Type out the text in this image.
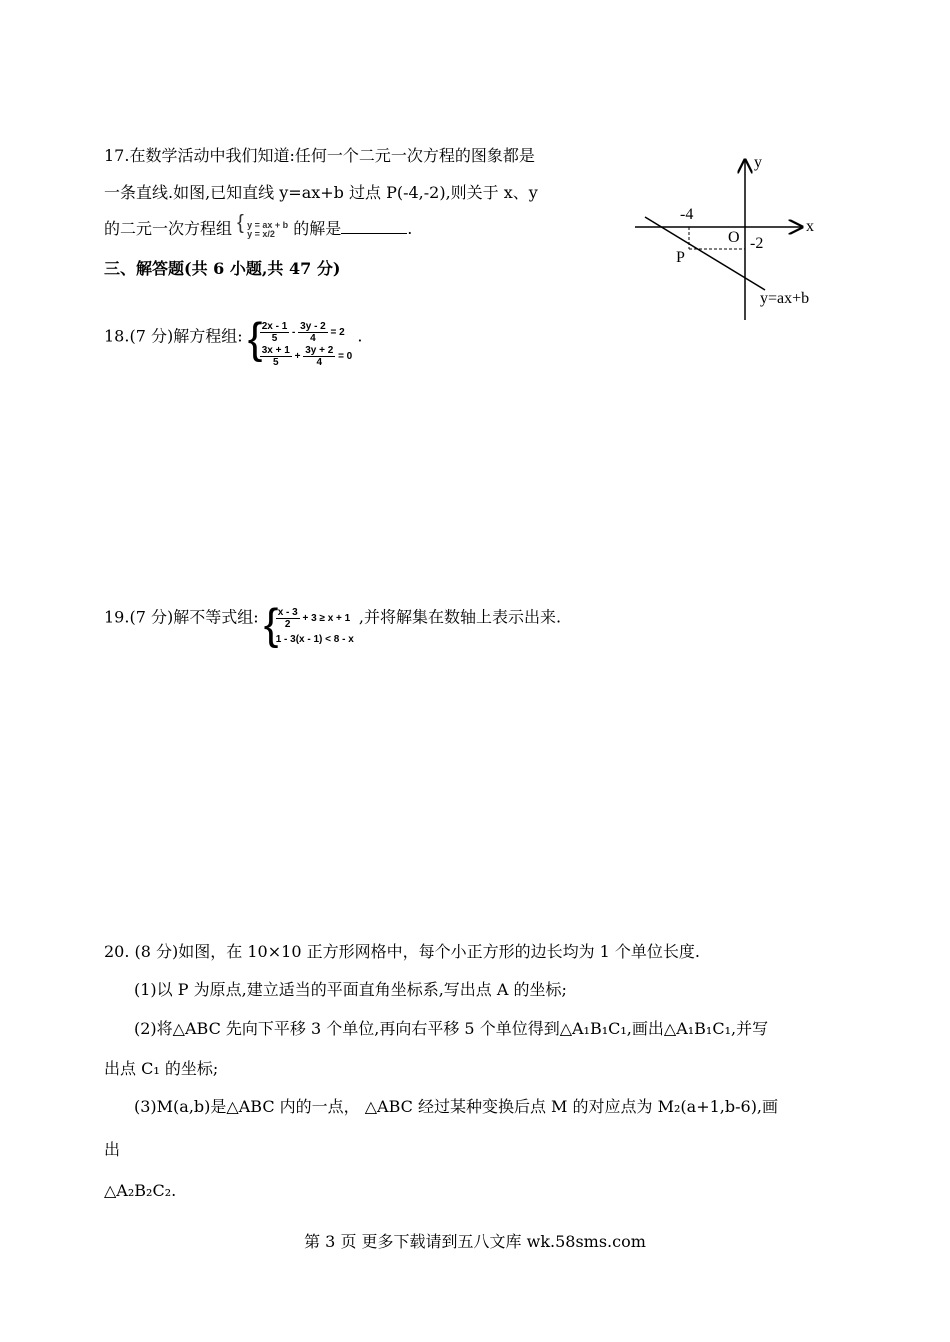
17.在数学活动中我们知道:任何一个二元一次方程的图象都是
一条直线.如图,已知直线 y=ax+b 过点 P(-4,-2),则关于 x、y
的二元一次方程组 { y = ax + b
y = x/2	的解是	.	x
y
O
-4
-2
P
y=ax+b
三、解答题(共 6 小题,共 47 分)
18.(7 分)解方程组: {
$\frac{2x - 1}{5} - \frac{3y - 2}{4} = 2$
$\frac{3x + 1}{5} + \frac{3y + 2}{4} = 0$
.
19.(7 分)解不等式组: {
$\frac{x - 3}{2} + 3 \ge x + 1$
1 - 3(x - 1) < 8 - x
,并将解集在数轴上表示出来.
20. (8 分)如图，在 10×10 正方形网格中，每个小正方形的边长均为 1 个单位长度.
(1)以 P 为原点,建立适当的平面直角坐标系,写出点 A 的坐标;
(2)将△ABC 先向下平移 3 个单位,再向右平移 5 个单位得到△A₁B₁C₁,画出△A₁B₁C₁,并写
出点 C₁ 的坐标;
(3)M(a,b)是△ABC 内的一点， △ABC 经过某种变换后点 M 的对应点为 M₂(a+1,b-6),画
出
△A₂B₂C₂.
第 3 页 更多下载请到五八文库 wk.58sms.com
